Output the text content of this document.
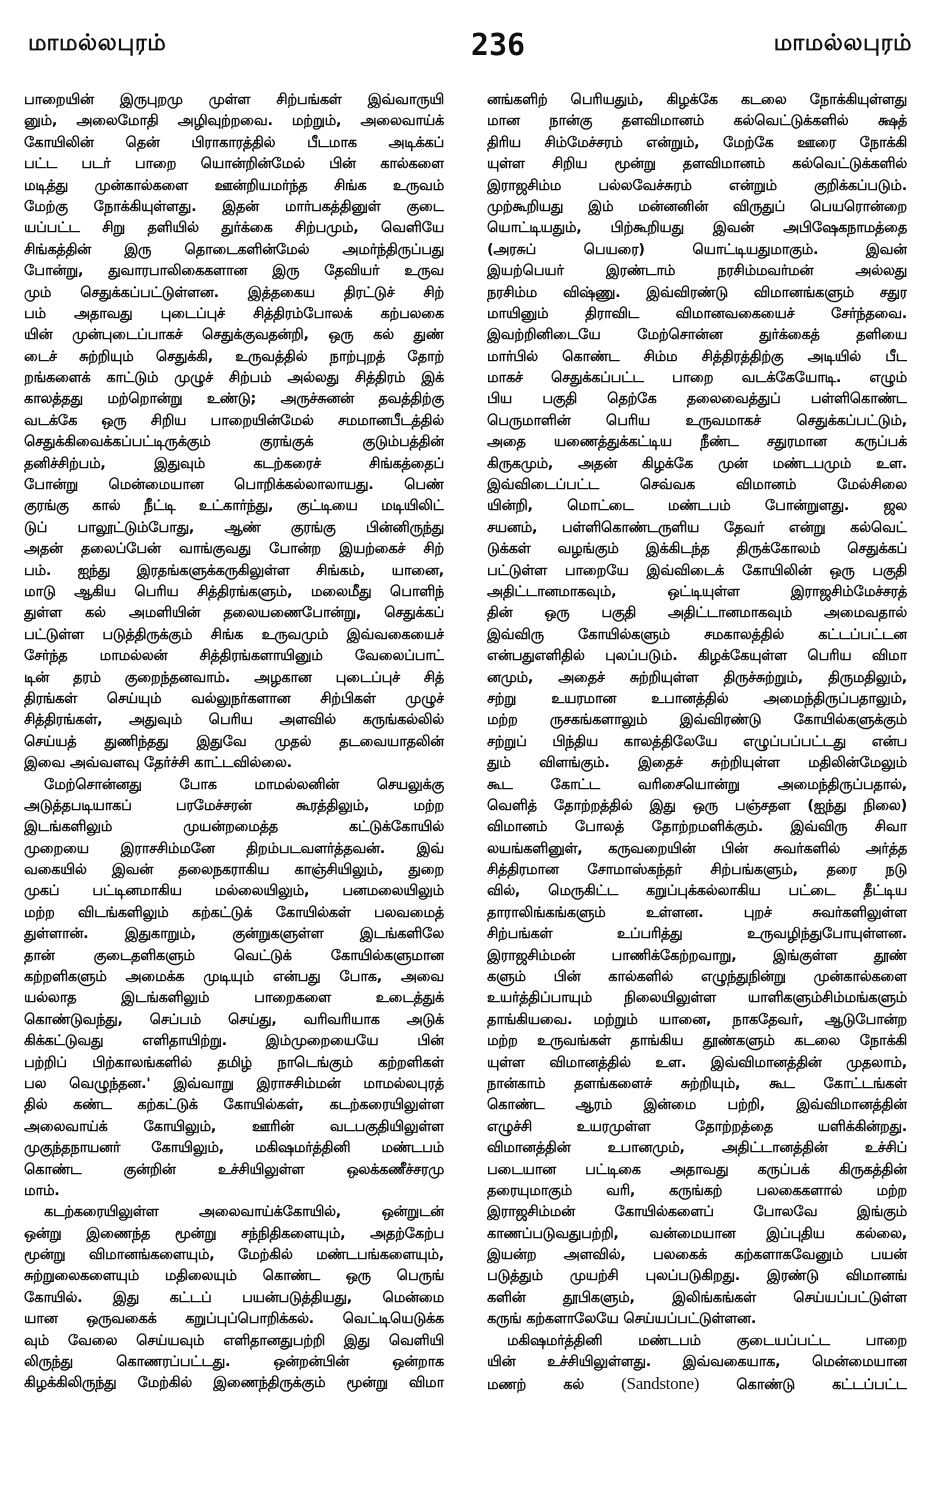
மாமல்லபுரம்	236	மாமல்லபுரம்
பாறையின் இருபுறமு முள்ள சிற்பங்கள் இவ்வாருயி
னும், அலைமோதி அழிவுற்றவை. மற்றும், அலைவாய்க்
கோயிலின் தென் பிராகாரத்தில் பீடமாக அடிக்கப்
பட்ட படர் பாறை யொன்றின்மேல் பின் கால்களை
மடித்து முன்கால்களை ஊன்றியமர்ந்த சிங்க உருவம்
மேற்கு நோக்கியுள்ளது. இதன் மார்பகத்தினுள் குடை
யப்பட்ட சிறு தளியில் துர்க்கை சிற்பமும், வெளியே
சிங்கத்தின் இரு தொடைகளின்மேல் அமர்ந்திருப்பது
போன்று, துவாரபாலிகைகளான இரு தேவியர் உருவ
மும் செதுக்கப்பட்டுள்ளன. இத்தகைய திரட்டுச் சிற்
பம் அதாவது புடைப்புச் சித்திரம்போலக் கற்பலகை
யின் முன்புடைப்பாகச் செதுக்குவதன்றி, ஒரு கல் துண்
டைச் சுற்றியும் செதுக்கி, உருவத்தில் நாற்புறத் தோற்
றங்களைக் காட்டும் முழுச் சிற்பம் அல்லது சித்திரம் இக்
காலத்தது மற்றொன்று உண்டு; அருச்சுனன் தவத்திற்கு
வடக்கே ஒரு சிறிய பாறையின்மேல் சமமானபீடத்தில்
செதுக்கிவைக்கப்பட்டிருக்கும் குரங்குக் குடும்பத்தின்
தனிச்சிற்பம், இதுவும் கடற்கரைச் சிங்கத்தைப்
போன்று மென்மையான பொறிக்கல்லாலாயது. பெண்
குரங்கு கால் நீட்டி உட்கார்ந்து, குட்டியை மடியிலிட்
டுப் பாலூட்டும்போது, ஆண் குரங்கு பின்னிருந்து
அதன் தலைப்பேன் வாங்குவது போன்ற இயற்கைச் சிற்
பம். ஐந்து இரதங்களுக்கருகிலுள்ள சிங்கம், யானை,
மாடு ஆகிய பெரிய சித்திரங்களும், மலைமீது பொளிந்
துள்ள கல் அமளியின் தலையணைபோன்று, செதுக்கப்
பட்டுள்ள படுத்திருக்கும் சிங்க உருவமும் இவ்வகையைச்
சேர்ந்த மாமல்லன் சித்திரங்களாயினும் வேலைப்பாட்
டின் தரம் குறைந்தனவாம். அழகான புடைப்புச் சித்
திரங்கள் செய்யும் வல்லுநர்களான சிற்பிகள் முழுச்
சித்திரங்கள், அதுவும் பெரிய அளவில் கருங்கல்லில்
செய்யத் துணிந்தது இதுவே முதல் தடவையாதலின்
இவை அவ்வளவு தேர்ச்சி காட்டவில்லை.
மேற்சொன்னது போக மாமல்லனின் செயலுக்கு
அடுத்தபடியாகப் பரமேச்சரன் கூரத்திலும், மற்ற
இடங்களிலும் முயன்றமைத்த கட்டுக்கோயில்
முறையை இராசசிம்மனே திறம்படவளர்த்தவன். இவ்
வகையில் இவன் தலைநகராகிய காஞ்சியிலும், துறை
முகப் பட்டினமாகிய மல்லையிலும், பனமலையிலும்
மற்ற விடங்களிலும் கற்கட்டுக் கோயில்கள் பலவமைத்
துள்ளான். இதுகாறும், குன்றுகளுள்ள இடங்களிலே
தான் குடைதளிகளும் வெட்டுக் கோயில்களுமான
கற்றளிகளும் அமைக்க முடியும் என்பது போக, அவை
யல்லாத இடங்களிலும் பாறைகளை உடைத்துக்
கொண்டுவந்து, செப்பம் செய்து, வரிவரியாக அடுக்
கிக்கட்டுவது எளிதாயிற்று. இம்முறையையே பின்
பற்றிப் பிற்காலங்களில் தமிழ் நாடெங்கும் கற்றளிகள்
பல வெழுந்தன.' இவ்வாறு இராசசிம்மன் மாமல்லபுரத்
தில் கண்ட கற்கட்டுக் கோயில்கள், கடற்கரையிலுள்ள
அலைவாய்க் கோயிலும், ஊரின் வடபகுதியிலுள்ள
முகுந்தநாயனர் கோயிலும், மகிஷமர்த்தினி மண்டபம்
கொண்ட குன்றின் உச்சியிலுள்ள ஒலக்கணீச்சரமு
மாம்.
கடற்கரையிலுள்ள அலைவாய்க்கோயில், ஒன்றுடன்
ஒன்று இணைந்த மூன்று சந்நிதிகளையும், அதற்கேற்ப
மூன்று விமானங்களையும், மேற்கில் மண்டபங்களையும்,
சுற்றுலைகளையும் மதிலையும் கொண்ட ஒரு பெருங்
கோயில். இது கட்டப் பயன்படுத்தியது, மென்மை
யான ஒருவகைக் கறுப்புப்பொறிக்கல். வெட்டியெடுக்க
வும் வேலை செய்யவும் எளிதானதுபற்றி இது வெளியி
லிருந்து கொணரப்பட்டது. ஒன்றன்பின் ஒன்றாக
கிழக்கிலிருந்து மேற்கில் இணைந்திருக்கும் மூன்று விமா
னங்களிற் பெரியதும், கிழக்கே கடலை நோக்கியுள்ளது
மான நான்கு தளவிமானம் கல்வெட்டுக்களில் க்ஷத்
திரிய சிம்மேச்சரம் என்றும், மேற்கே ஊரை நோக்கி
யுள்ள சிறிய மூன்று தளவிமானம் கல்வெட்டுக்களில்
இராஜசிம்ம பல்லவேச்சுரம் என்றும் குறிக்கப்படும்.
முற்கூறியது இம் மன்னனின் விருதுப் பெயரொன்றை
யொட்டியதும், பிற்கூறியது இவன் அபிஷேகநாமத்தை
(அரசுப் பெயரை) யொட்டியதுமாகும். இவன்
இயற்பெயர் இரண்டாம் நரசிம்மவர்மன் அல்லது
நரசிம்ம விஷ்ணு. இவ்விரண்டு விமானங்களும் சதுர
மாயினும் திராவிட விமானவகையைச் சேர்ந்தவை.
இவற்றினிடையே மேற்சொன்ன துர்க்கைத் தளியை
மார்பில் கொண்ட சிம்ம சித்திரத்திற்கு அடியில் பீட
மாகச் செதுக்கப்பட்ட பாறை வடக்கேயோடி. எழும்
பிய பகுதி தெற்கே தலைவைத்துப் பள்ளிகொண்ட
பெருமாளின் பெரிய உருவமாகச் செதுக்கப்பட்டும்,
அதை யணைத்துக்கட்டிய நீண்ட சதுரமான கருப்பக்
கிருகமும், அதன் கிழக்கே முன் மண்டபமும் உள.
இவ்விடைப்பட்ட செவ்வக விமானம் மேல்சிலை
யின்றி, மொட்டை மண்டபம் போன்றுளது. ஜல
சயனம், பள்ளிகொண்டருளிய தேவர் என்று கல்வெட்
டுக்கள் வழங்கும் இக்கிடந்த திருக்கோலம் செதுக்கப்
பட்டுள்ள பாறையே இவ்விடைக் கோயிலின் ஒரு பகுதி
அதிட்டானமாகவும், ஒட்டியுள்ள இராஜசிம்மேச்சரத்
தின் ஒரு பகுதி அதிட்டானமாகவும் அமைவதால்
இவ்விரு கோயில்களும் சமகாலத்தில் கட்டப்பட்டன
என்பதுஎளிதில் புலப்படும். கிழக்கேயுள்ள பெரிய விமா
னமும், அதைச் சுற்றியுள்ள திருச்சுற்றும், திருமதிலும்,
சற்று உயரமான உபானத்தில் அமைந்திருப்பதாலும்,
மற்ற ருசகங்களாலும் இவ்விரண்டு கோயில்களுக்கும்
சற்றுப் பிந்திய காலத்திலேயே எழுப்பப்பட்டது என்ப
தும் விளங்கும். இதைச் சுற்றியுள்ள மதிலின்மேலும்
கூட கோட்ட வரிசையொன்று அமைந்திருப்பதால்,
வெளித் தோற்றத்தில் இது ஒரு பஞ்சதள (ஐந்து நிலை)
விமானம் போலத் தோற்றமளிக்கும். இவ்விரு சிவா
லயங்களினுள், கருவறையின் பின் சுவர்களில் அர்த்த
சித்திரமான சோமாஸ்கந்தர் சிற்பங்களும், தரை நடு
வில், மெருகிட்ட கறுப்புக்கல்லாகிய பட்டை தீட்டிய
தாராலிங்கங்களும் உள்ளன. புறச் சுவர்களிலுள்ள
சிற்பங்கள் உப்பரித்து உருவழிந்துபோயுள்ளன.
இராஜசிம்மன் பாணிக்கேற்றவாறு, இங்குள்ள தூண்
களும் பின் கால்களில் எழுந்துநின்று முன்கால்களை
உயர்த்திப்பாயும் நிலையிலுள்ள யாளிகளும்சிம்மங்களும்
தாங்கியவை. மற்றும் யானை, நாகதேவர், ஆடுபோன்ற
மற்ற உருவங்கள் தாங்கிய தூண்களும் கடலை நோக்கி
யுள்ள விமானத்தில் உள. இவ்விமானத்தின் முதலாம்,
நான்காம் தளங்களைச் சுற்றியும், கூட கோட்டங்கள்
கொண்ட ஆரம் இன்மை பற்றி, இவ்விமானத்தின்
எழுச்சி உயரமுள்ள தோற்றத்தை யளிக்கின்றது.
விமானத்தின் உபானமும், அதிட்டானத்தின் உச்சிப்
படையான பட்டிகை அதாவது கருப்பக் கிருகத்தின்
தரையுமாகும் வரி, கருங்கற் பலகைகளால் மற்ற
இராஜசிம்மன் கோயில்களைப் போலவே இங்கும்
காணப்படுவதுபற்றி, வன்மையான இப்புதிய கல்லை,
இயன்ற அளவில், பலகைக் கற்களாகவேனும் பயன்
படுத்தும் முயற்சி புலப்படுகிறது. இரண்டு விமானங்
களின் தூபிகளும், இலிங்கங்கள் செய்யப்பட்டுள்ள
கருங் கற்களாலேயே செய்யப்பட்டுள்ளன.
மகிஷமர்த்தினி மண்டபம் குடையப்பட்ட பாறை
யின் உச்சியிலுள்ளது. இவ்வகையாக, மென்மையான
மணற் கல் (Sandstone) கொண்டு கட்டப்பட்ட
